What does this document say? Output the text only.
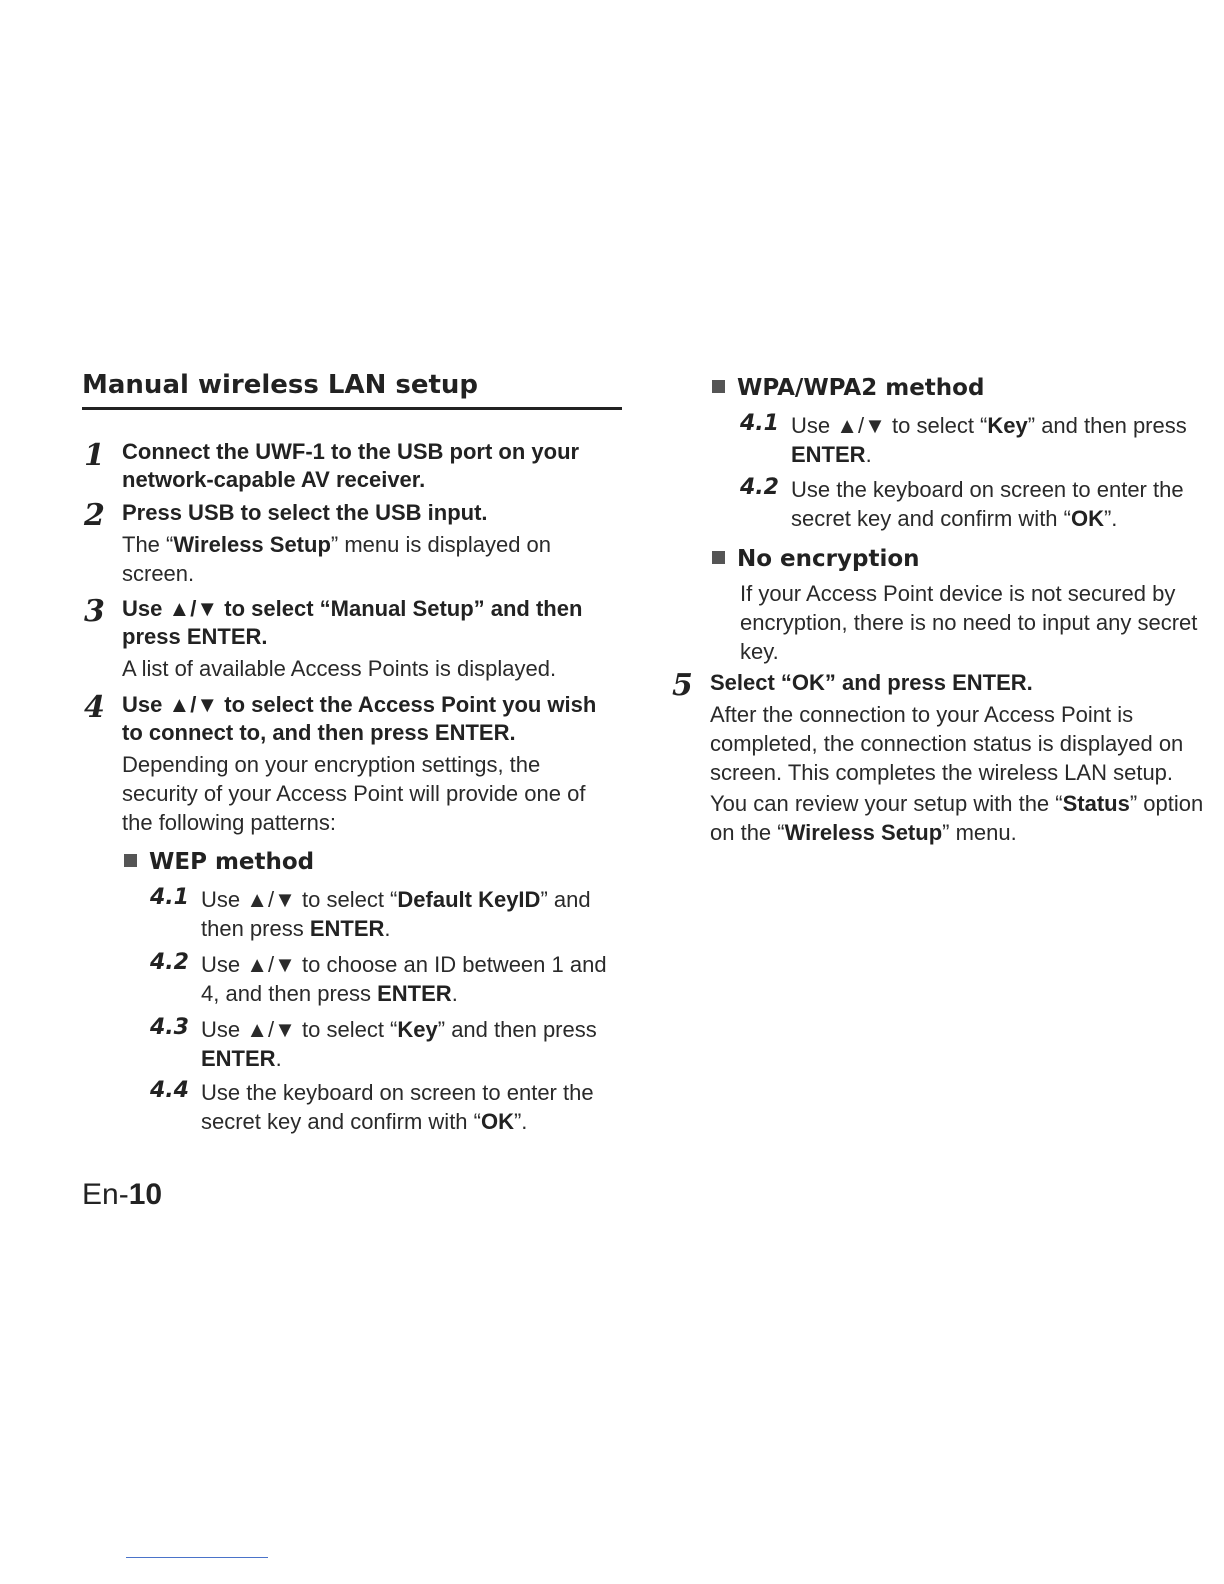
Manual wireless LAN setup
1 Connect the UWF-1 to the USB port on your network-capable AV receiver.
2 Press USB to select the USB input.
The “Wireless Setup” menu is displayed on screen.
3 Use ▲/▼ to select “Manual Setup” and then press ENTER.
A list of available Access Points is displayed.
4 Use ▲/▼ to select the Access Point you wish to connect to, and then press ENTER.
Depending on your encryption settings, the security of your Access Point will provide one of the following patterns:
WEP method
4.1 Use ▲/▼ to select “Default KeyID” and then press ENTER.
4.2 Use ▲/▼ to choose an ID between 1 and 4, and then press ENTER.
4.3 Use ▲/▼ to select “Key” and then press
ENTER.
4.4 Use the keyboard on screen to enter the secret key and confirm with “OK”.
En-10
WPA/WPA2 method
4.1 Use ▲/▼ to select “Key” and then press
ENTER.
4.2 Use the keyboard on screen to enter the secret key and confirm with “OK”.
No encryption
If your Access Point device is not secured by encryption, there is no need to input any secret key.
5 Select “OK” and press ENTER.
After the connection to your Access Point is completed, the connection status is displayed on screen. This completes the wireless LAN setup.
You can review your setup with the “Status” option on the “Wireless Setup” menu.
